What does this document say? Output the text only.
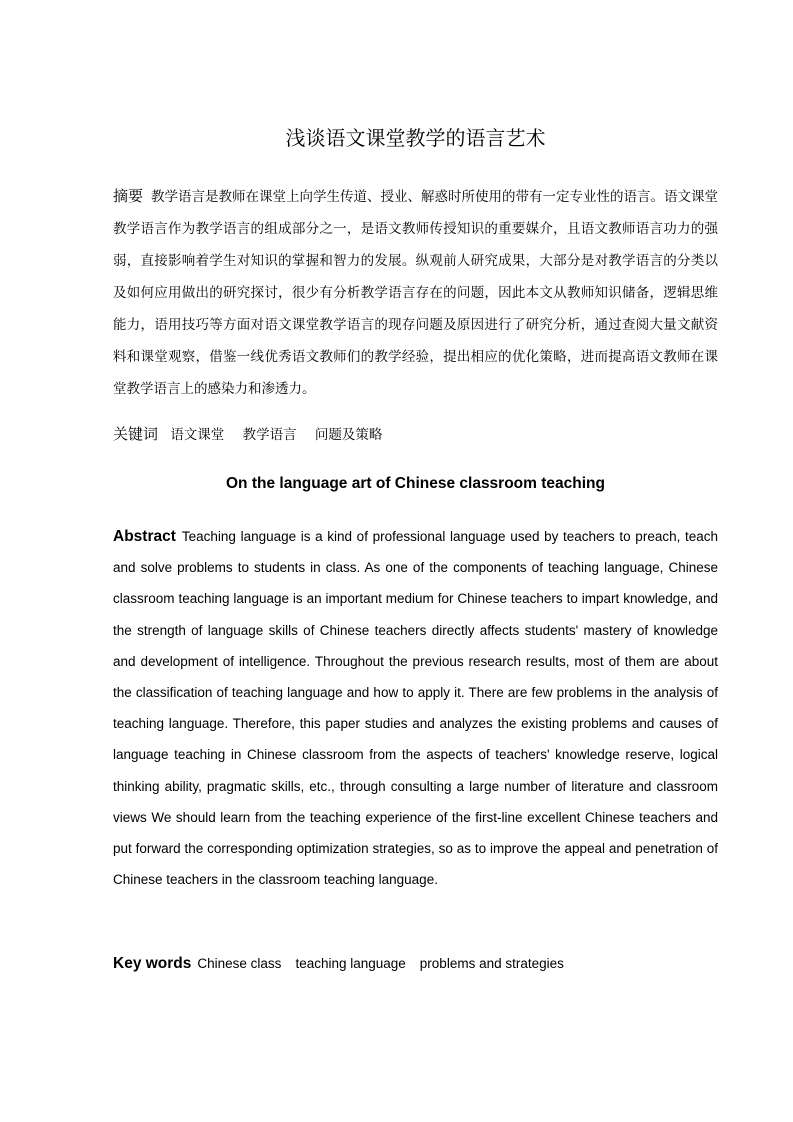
浅谈语文课堂教学的语言艺术
摘要 教学语言是教师在课堂上向学生传道、授业、解惑时所使用的带有一定专业性的语言。语文课堂教学语言作为教学语言的组成部分之一，是语文教师传授知识的重要媒介，且语文教师语言功力的强弱，直接影响着学生对知识的掌握和智力的发展。纵观前人研究成果，大部分是对教学语言的分类以及如何应用做出的研究探讨，很少有分析教学语言存在的问题，因此本文从教师知识储备，逻辑思维能力，语用技巧等方面对语文课堂教学语言的现存问题及原因进行了研究分析，通过查阅大量文献资料和课堂观察，借鉴一线优秀语文教师们的教学经验，提出相应的优化策略，进而提高语文教师在课堂教学语言上的感染力和渗透力。
关键词 语文课堂 教学语言 问题及策略
On the language art of Chinese classroom teaching
Abstract Teaching language is a kind of professional language used by teachers to preach, teach and solve problems to students in class. As one of the components of teaching language, Chinese classroom teaching language is an important medium for Chinese teachers to impart knowledge, and the strength of language skills of Chinese teachers directly affects students' mastery of knowledge and development of intelligence. Throughout the previous research results, most of them are about the classification of teaching language and how to apply it. There are few problems in the analysis of teaching language. Therefore, this paper studies and analyzes the existing problems and causes of language teaching in Chinese classroom from the aspects of teachers' knowledge reserve, logical thinking ability, pragmatic skills, etc., through consulting a large number of literature and classroom views We should learn from the teaching experience of the first-line excellent Chinese teachers and put forward the corresponding optimization strategies, so as to improve the appeal and penetration of Chinese teachers in the classroom teaching language.
Key words Chinese class teaching language problems and strategies
